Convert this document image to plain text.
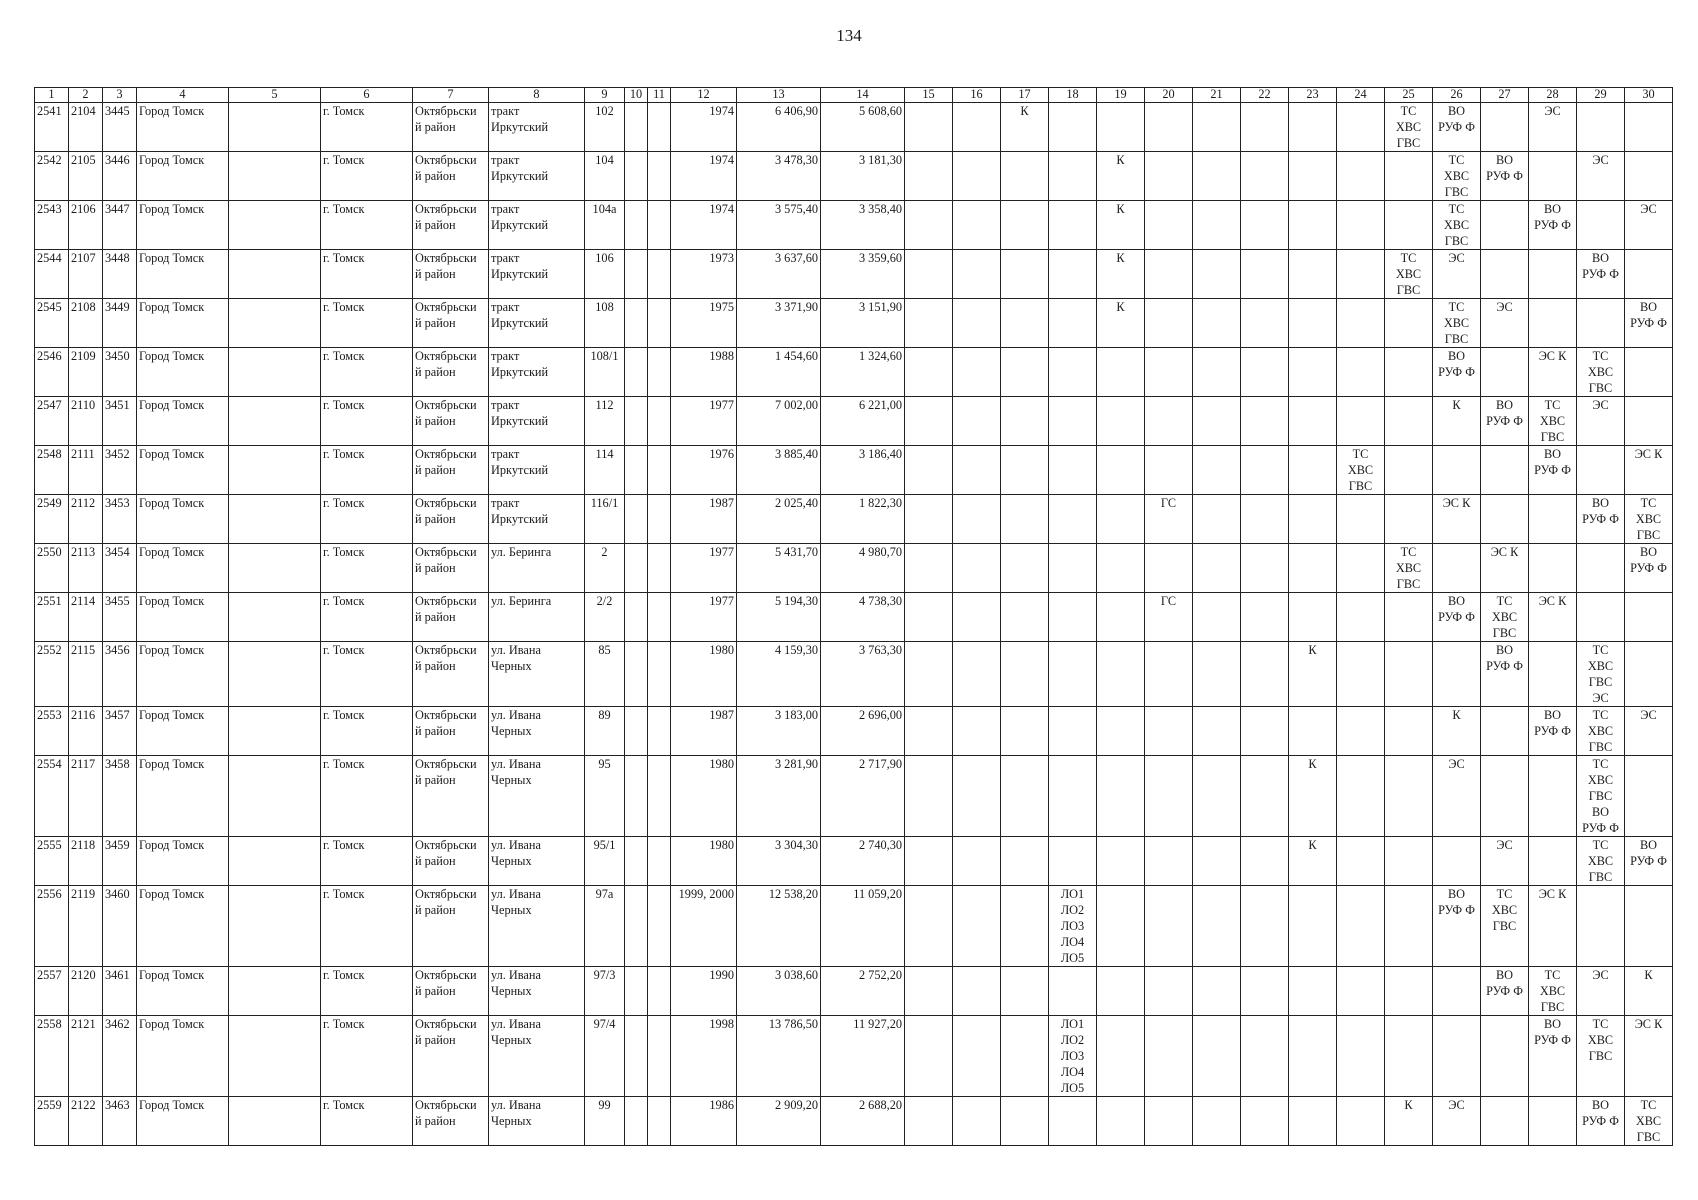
134
1	2	3	4	5	6	7	8	9	10	11	12	13	14	15	16	17	18	19	20	21	22	23	24	25	26	27	28	29	30
2541	2104	3445	Город Томск		г. Томск	Октябрьски
й район	тракт
Иркутский	102			1974	6 406,90	5 608,60			К								ТС
ХВС
ГВС	ВО
РУФ Ф		ЭС		
2542	2105	3446	Город Томск		г. Томск	Октябрьски
й район	тракт
Иркутский	104			1974	3 478,30	3 181,30					К							ТС
ХВС
ГВС	ВО
РУФ Ф		ЭС	
2543	2106	3447	Город Томск		г. Томск	Октябрьски
й район	тракт
Иркутский	104а			1974	3 575,40	3 358,40					К							ТС
ХВС
ГВС		ВО
РУФ Ф		ЭС
2544	2107	3448	Город Томск		г. Томск	Октябрьски
й район	тракт
Иркутский	106			1973	3 637,60	3 359,60					К						ТС
ХВС
ГВС	ЭС			ВО
РУФ Ф	
2545	2108	3449	Город Томск		г. Томск	Октябрьски
й район	тракт
Иркутский	108			1975	3 371,90	3 151,90					К							ТС
ХВС
ГВС	ЭС			ВО
РУФ Ф
2546	2109	3450	Город Томск		г. Томск	Октябрьски
й район	тракт
Иркутский	108/1			1988	1 454,60	1 324,60												ВО
РУФ Ф		ЭС К	ТС
ХВС
ГВС	
2547	2110	3451	Город Томск		г. Томск	Октябрьски
й район	тракт
Иркутский	112			1977	7 002,00	6 221,00												К	ВО
РУФ Ф	ТС
ХВС
ГВС	ЭС	
2548	2111	3452	Город Томск		г. Томск	Октябрьски
й район	тракт
Иркутский	114			1976	3 885,40	3 186,40										ТС
ХВС
ГВС				ВО
РУФ Ф		ЭС К
2549	2112	3453	Город Томск		г. Томск	Октябрьски
й район	тракт
Иркутский	116/1			1987	2 025,40	1 822,30						ГС						ЭС К			ВО
РУФ Ф	ТС
ХВС
ГВС
2550	2113	3454	Город Томск		г. Томск	Октябрьски
й район	ул. Беринга	2			1977	5 431,70	4 980,70											ТС
ХВС
ГВС		ЭС К			ВО
РУФ Ф
2551	2114	3455	Город Томск		г. Томск	Октябрьски
й район	ул. Беринга	2/2			1977	5 194,30	4 738,30						ГС						ВО
РУФ Ф	ТС
ХВС
ГВС	ЭС К		
2552	2115	3456	Город Томск		г. Томск	Октябрьски
й район	ул. Ивана
Черных	85			1980	4 159,30	3 763,30									К				ВО
РУФ Ф		ТС
ХВС
ГВС
ЭС	
2553	2116	3457	Город Томск		г. Томск	Октябрьски
й район	ул. Ивана
Черных	89			1987	3 183,00	2 696,00												К		ВО
РУФ Ф	ТС
ХВС
ГВС	ЭС
2554	2117	3458	Город Томск		г. Томск	Октябрьски
й район	ул. Ивана
Черных	95			1980	3 281,90	2 717,90									К			ЭС			ТС
ХВС
ГВС
ВО
РУФ Ф	
2555	2118	3459	Город Томск		г. Томск	Октябрьски
й район	ул. Ивана
Черных	95/1			1980	3 304,30	2 740,30									К				ЭС		ТС
ХВС
ГВС	ВО
РУФ Ф
2556	2119	3460	Город Томск		г. Томск	Октябрьски
й район	ул. Ивана
Черных	97а			1999, 2000	12 538,20	11 059,20				ЛО1
ЛО2
ЛО3
ЛО4
ЛО5								ВО
РУФ Ф	ТС
ХВС
ГВС	ЭС К		
2557	2120	3461	Город Томск		г. Томск	Октябрьски
й район	ул. Ивана
Черных	97/3			1990	3 038,60	2 752,20													ВО
РУФ Ф	ТС
ХВС
ГВС	ЭС	К
2558	2121	3462	Город Томск		г. Томск	Октябрьски
й район	ул. Ивана
Черных	97/4			1998	13 786,50	11 927,20				ЛО1
ЛО2
ЛО3
ЛО4
ЛО5										ВО
РУФ Ф	ТС
ХВС
ГВС	ЭС К
2559	2122	3463	Город Томск		г. Томск	Октябрьски
й район	ул. Ивана
Черных	99			1986	2 909,20	2 688,20											К	ЭС			ВО
РУФ Ф	ТС
ХВС
ГВС
